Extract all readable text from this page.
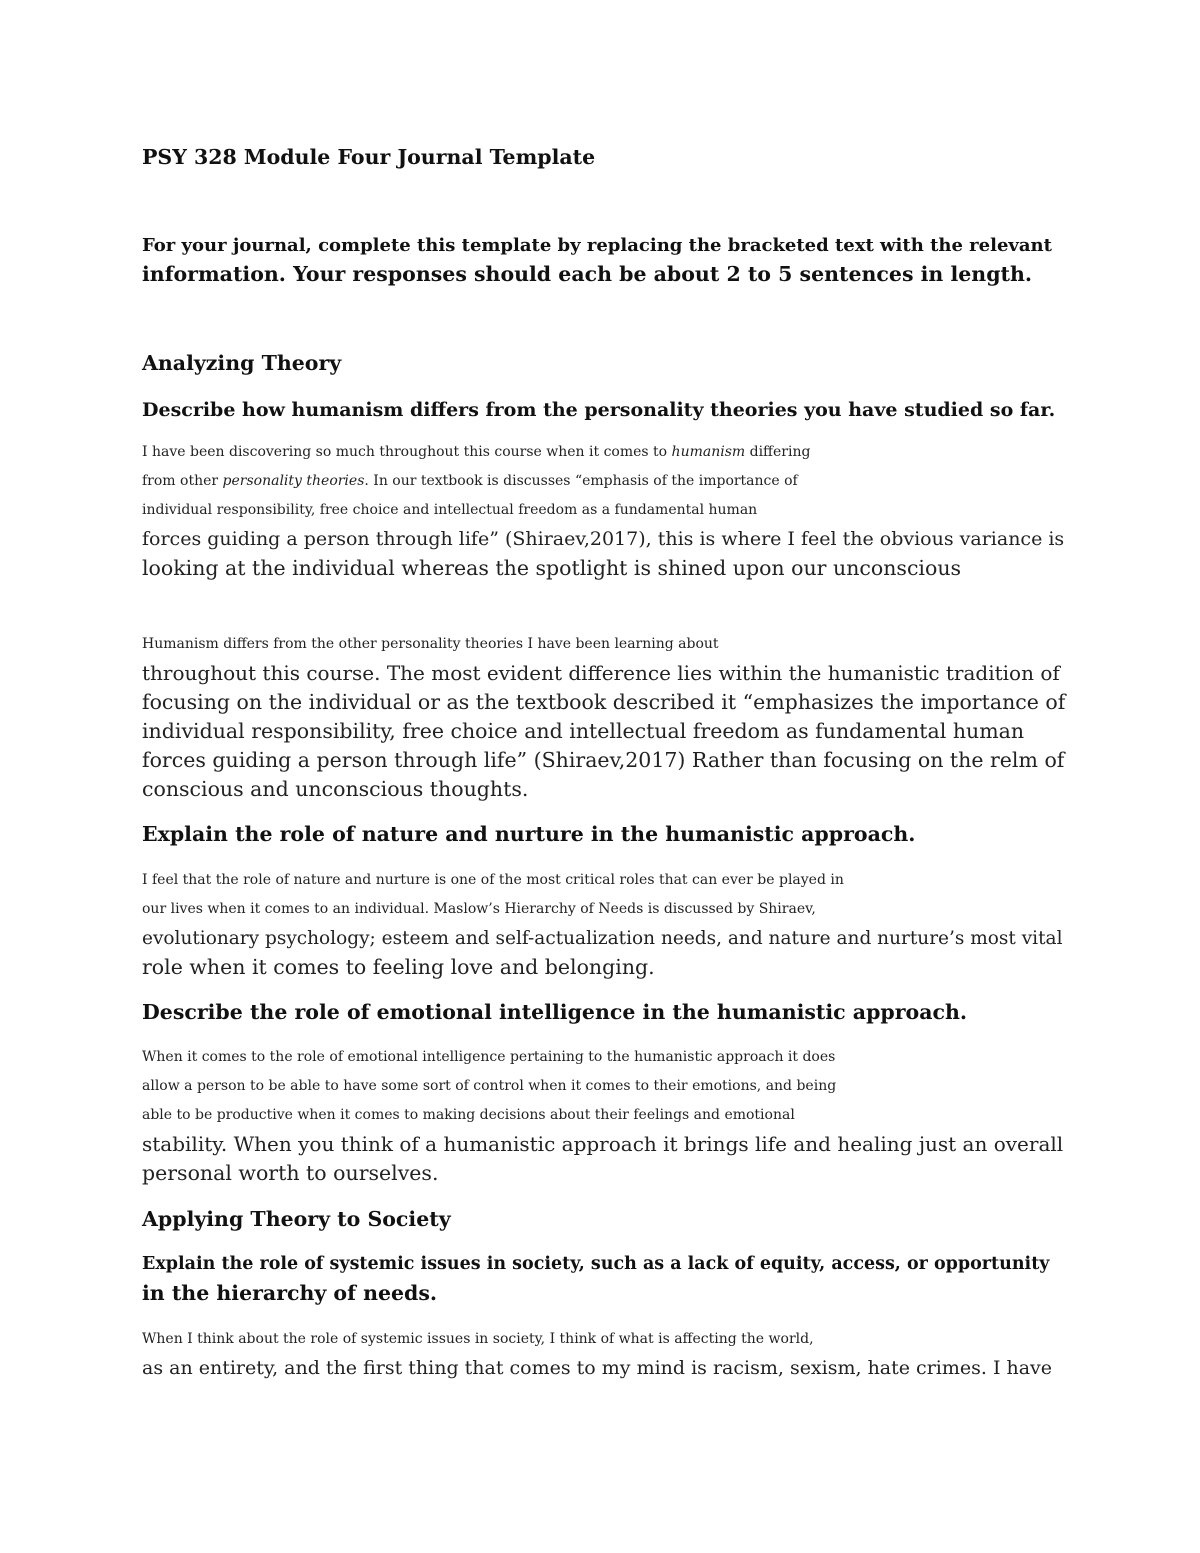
PSY 328 Module Four Journal Template
For your journal, complete this template by replacing the bracketed text with the relevant
information. Your responses should each be about 2 to 5 sentences in length.
Analyzing Theory
Describe how humanism differs from the personality theories you have studied so far.
I have been discovering so much throughout this course when it comes to humanism differing
from other personality theories. In our textbook is discusses “emphasis of the importance of
individual responsibility, free choice and intellectual freedom as a fundamental human
forces guiding a person through life” (Shiraev,2017), this is where I feel the obvious variance is
looking at the individual whereas the spotlight is shined upon our unconscious
Humanism differs from the other personality theories I have been learning about
throughout this course. The most evident difference lies within the humanistic tradition of
focusing on the individual or as the textbook described it “emphasizes the importance of
individual responsibility, free choice and intellectual freedom as fundamental human
forces guiding a person through life” (Shiraev,2017) Rather than focusing on the relm of
conscious and unconscious thoughts.
Explain the role of nature and nurture in the humanistic approach.
I feel that the role of nature and nurture is one of the most critical roles that can ever be played in
our lives when it comes to an individual. Maslow’s Hierarchy of Needs is discussed by Shiraev,
evolutionary psychology; esteem and self-actualization needs, and nature and nurture’s most vital
role when it comes to feeling love and belonging.
Describe the role of emotional intelligence in the humanistic approach.
When it comes to the role of emotional intelligence pertaining to the humanistic approach it does
allow a person to be able to have some sort of control when it comes to their emotions, and being
able to be productive when it comes to making decisions about their feelings and emotional
stability. When you think of a humanistic approach it brings life and healing just an overall
personal worth to ourselves.
Applying Theory to Society
Explain the role of systemic issues in society, such as a lack of equity, access, or opportunity
in the hierarchy of needs.
When I think about the role of systemic issues in society, I think of what is affecting the world,
as an entirety, and the first thing that comes to my mind is racism, sexism, hate crimes. I have
